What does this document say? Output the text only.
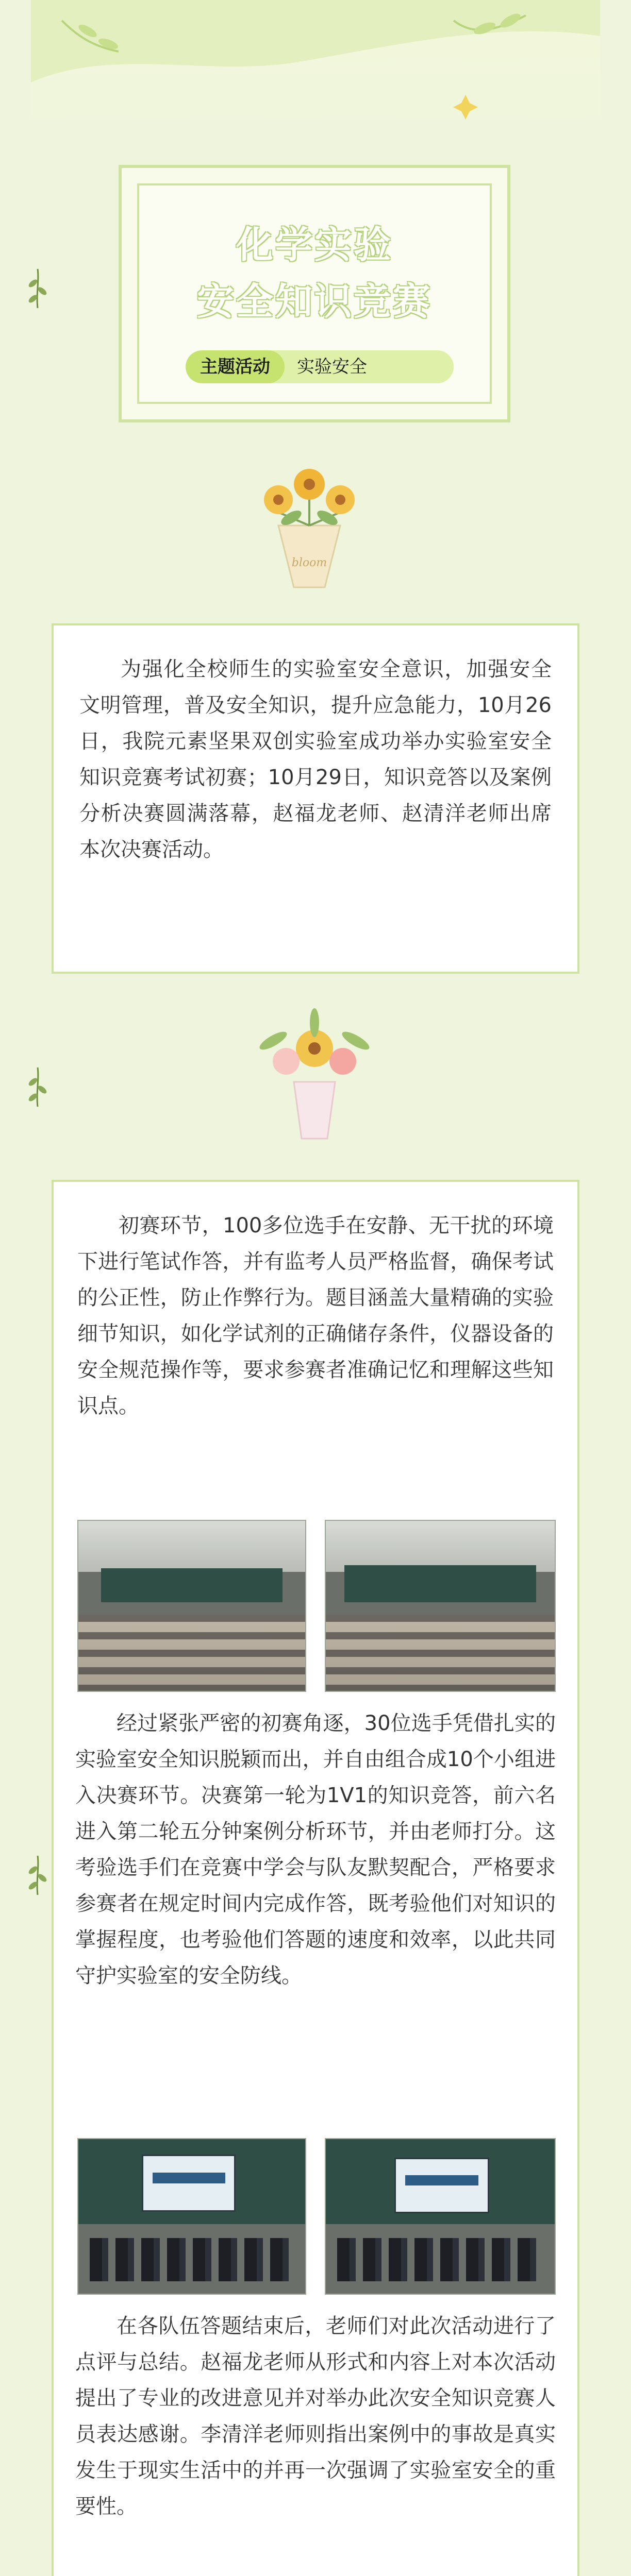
化学实验
安全知识竞赛
主题活动	实验安全
bloom

为强化全校师生的实验室安全意识，加强安全文明管理，普及安全知识，提升应急能力，10月26日，我院元素坚果双创实验室成功举办实验室安全知识竞赛考试初赛；10月29日，知识竞答以及案例分析决赛圆满落幕，赵福龙老师、赵清洋老师出席本次决赛活动。

初赛环节，100多位选手在安静、无干扰的环境下进行笔试作答，并有监考人员严格监督，确保考试的公正性，防止作弊行为。题目涵盖大量精确的实验细节知识，如化学试剂的正确储存条件，仪器设备的安全规范操作等，要求参赛者准确记忆和理解这些知识点。

经过紧张严密的初赛角逐，30位选手凭借扎实的实验室安全知识脱颖而出，并自由组合成10个小组进入决赛环节。决赛第一轮为1V1的知识竞答，前六名进入第二轮五分钟案例分析环节，并由老师打分。这考验选手们在竞赛中学会与队友默契配合，严格要求参赛者在规定时间内完成作答，既考验他们对知识的掌握程度，也考验他们答题的速度和效率，以此共同守护实验室的安全防线。

在各队伍答题结束后，老师们对此次活动进行了点评与总结。赵福龙老师从形式和内容上对本次活动提出了专业的改进意见并对举办此次安全知识竞赛人员表达感谢。李清洋老师则指出案例中的事故是真实发生于现实生活中的并再一次强调了实验室安全的重要性。
